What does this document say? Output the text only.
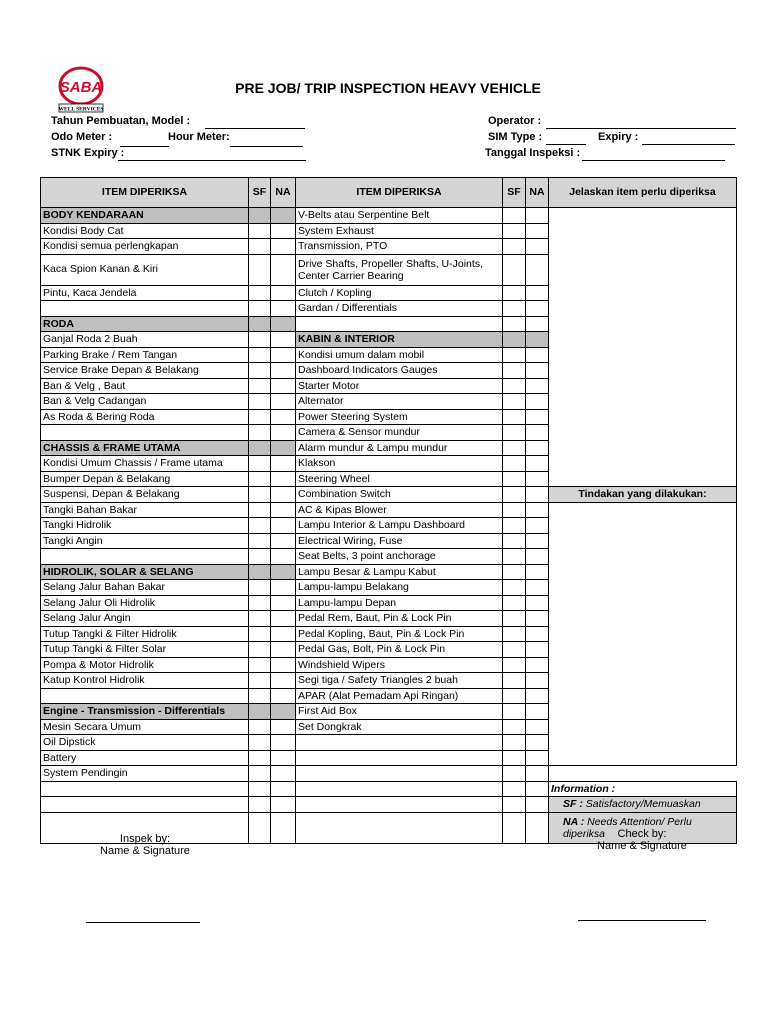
SABA
WELL SERVICES
PRE JOB/ TRIP INSPECTION HEAVY VEHICLE
Tahun Pembuatan, Model :
Odo Meter :	Hour Meter:
STNK Expiry :
Operator :
SIM Type :	Expiry :
Tanggal Inspeksi :
ITEM DIPERIKSA	SF	NA	ITEM DIPERIKSA	SF	NA	Jelaskan item perlu diperiksa
BODY KENDARAAN			V-Belts atau Serpentine Belt			
Kondisi Body Cat			System Exhaust			
Kondisi semua perlengkapan			Transmission, PTO			
Kaca Spion Kanan & Kiri			Drive Shafts, Propeller Shafts, U-Joints, Center Carrier Bearing			
Pintu, Kaca Jendela			Clutch / Kopling			
			Gardan / Differentials			
RODA						
Ganjal Roda 2 Buah			KABIN & INTERIOR			
Parking Brake / Rem Tangan			Kondisi umum dalam mobil			
Service Brake Depan & Belakang			Dashboard Indicators Gauges			
Ban & Velg , Baut			Starter Motor			
Ban & Velg Cadangan			Alternator			
As Roda & Bering Roda			Power Steering System			
			Camera & Sensor mundur			
CHASSIS & FRAME UTAMA			Alarm mundur & Lampu mundur			
Kondisi Umum Chassis / Frame utama			Klakson			
Bumper Depan & Belakang			Steering Wheel			
Suspensi, Depan & Belakang			Combination Switch			Tindakan yang dilakukan:
Tangki Bahan Bakar			AC & Kipas Blower			
Tangki Hidrolik			Lampu Interior & Lampu Dashboard			
Tangki Angin			Electrical Wiring, Fuse			
			Seat Belts, 3 point anchorage			
HIDROLIK, SOLAR & SELANG			Lampu Besar & Lampu Kabut			
Selang Jalur Bahan Bakar			Lampu-lampu Belakang			
Selang Jalur Oli Hidrolik			Lampu-lampu Depan			
Selang Jalur Angin			Pedal Rem, Baut, Pin & Lock Pin			
Tutup Tangki & Filter Hidrolik			Pedal Kopling, Baut, Pin & Lock Pin			
Tutup Tangki & Filter Solar			Pedal Gas, Bolt, Pin & Lock Pin			
Pompa & Motor Hidrolik			Windshield Wipers			
Katup Kontrol Hidrolik			Segi tiga / Safety Triangles 2 buah			
			APAR (Alat Pemadam Api Ringan)			
Engine - Transmission - Differentials			First Aid Box			
Mesin Secara Umum			Set Dongkrak			
Oil Dipstick						
Battery						
System Pendingin						
						Information :
						SF : Satisfactory/Memuaskan
						NA : Needs Attention/ Perlu diperiksa
Inspek by:
Name & Signature
Check by:
Name & Signature
